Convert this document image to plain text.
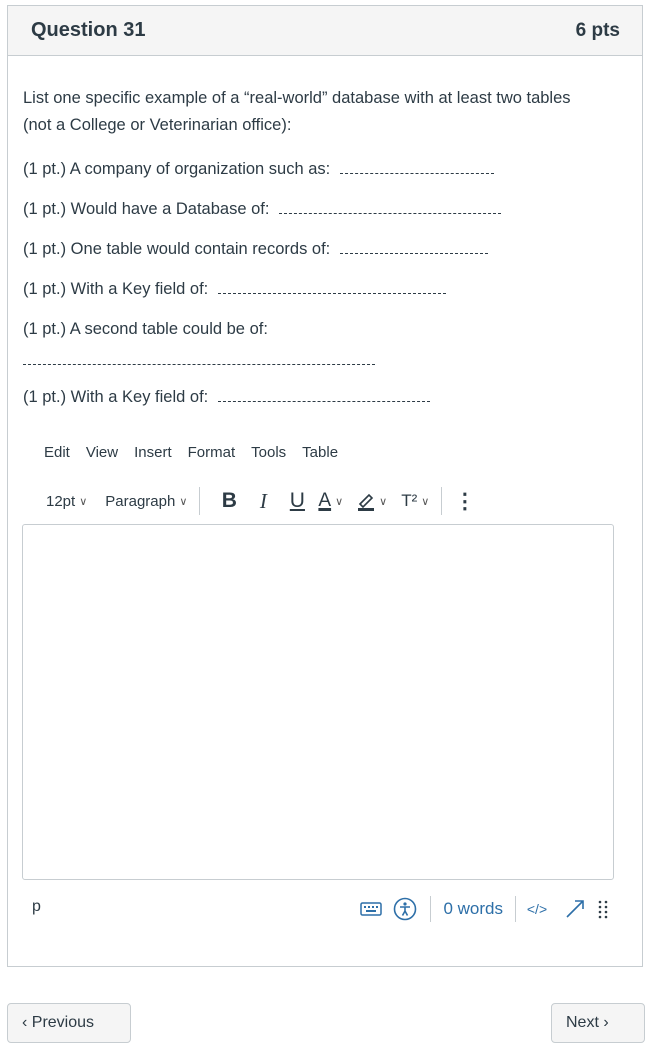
Question 31	6 pts
List one specific example of a “real-world” database with at least two tables
(not a College or Veterinarian office):
(1 pt.) A company of organization such as:
(1 pt.) Would have a Database of:
(1 pt.) One table would contain records of:
(1 pt.) With a Key field of:
(1 pt.) A second table could be of:
(1 pt.) With a Key field of:
Edit	View	Insert	Format	Tools	Table
12pt ∨ Paragraph ∨	B	I	U A ∨	∨ T² ∨ ⋮
p	0 words	</>
‹ Previous	Next ›
